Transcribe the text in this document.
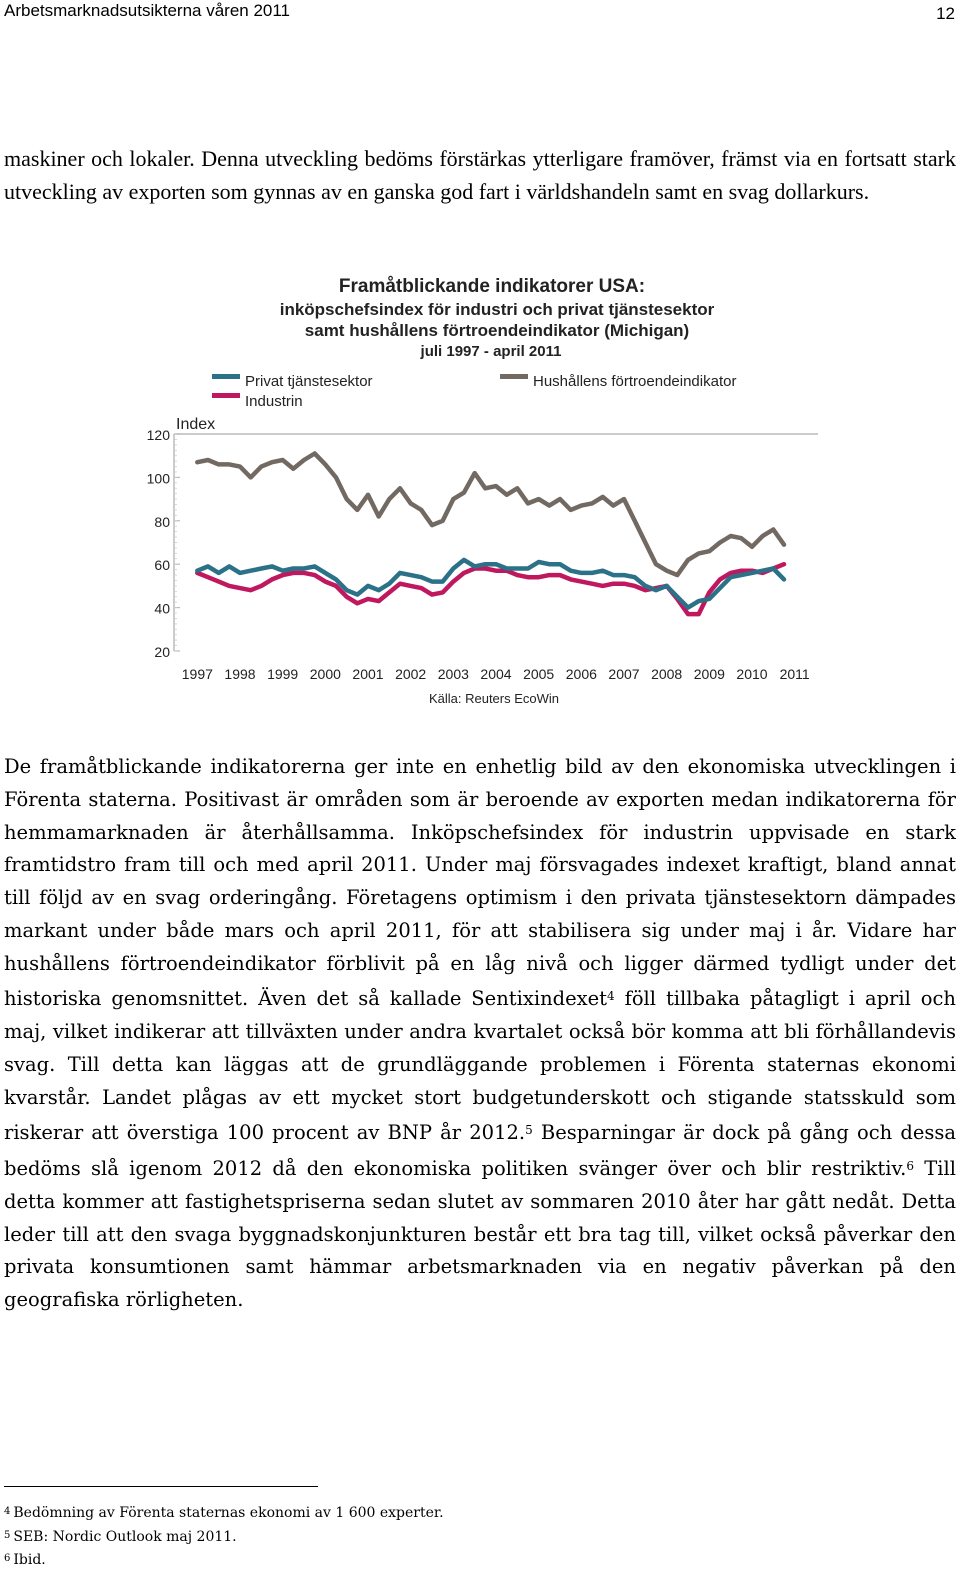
Arbetsmarknadsutsikterna våren 2011	12

maskiner och lokaler. Denna utveckling bedöms förstärkas ytterligare framöver, främst via en fortsatt stark utveckling av exporten som gynnas av en ganska god fart i världshandeln samt en svag dollarkurs.

Framåtblickande indikatorer USA:
inköpschefsindex för industri och privat tjänstesektor
samt hushållens förtroendeindikator (Michigan)
juli 1997 - april 2011
Privat tjänstesektor
Industrin
Hushållens förtroendeindikator
Index
120
100
80
60
40
20
1997 1998 1999 2000 2001 2002 2003 2004 2005 2006 2007 2008 2009 2010 2011
Källa: Reuters EcoWin

De framåtblickande indikatorerna ger inte en enhetlig bild av den ekonomiska utvecklingen i Förenta staterna. Positivast är områden som är beroende av exporten medan indikatorerna för hemmamarknaden är återhållsamma. Inköpschefsindex för industrin uppvisade en stark framtidstro fram till och med april 2011. Under maj försvagades indexet kraftigt, bland annat till följd av en svag orderingång. Företagens optimism i den privata tjänstesektorn dämpades markant under både mars och april 2011, för att stabilisera sig under maj i år. Vidare har hushållens förtroendeindikator förblivit på en låg nivå och ligger därmed tydligt under det historiska genomsnittet. Även det så kallade Sentixindexet$^4$ föll tillbaka påtagligt i april och maj, vilket indikerar att tillväxten under andra kvartalet också bör komma att bli förhållandevis svag. Till detta kan läggas att de grundläggande problemen i Förenta staternas ekonomi kvarstår. Landet plågas av ett mycket stort budgetunderskott och stigande statsskuld som riskerar att överstiga 100 procent av BNP år 2012.$^5$ Besparningar är dock på gång och dessa bedöms slå igenom 2012 då den ekonomiska politiken svänger över och blir restriktiv.$^6$ Till detta kommer att fastighetspriserna sedan slutet av sommaren 2010 åter har gått nedåt. Detta leder till att den svaga byggnadskonjunkturen består ett bra tag till, vilket också påverkar den privata konsumtionen samt hämmar arbetsmarknaden via en negativ påverkan på den geografiska rörligheten.

$^4$ Bedömning av Förenta staternas ekonomi av 1 600 experter.
$^5$ SEB: Nordic Outlook maj 2011.
$^6$ Ibid.
